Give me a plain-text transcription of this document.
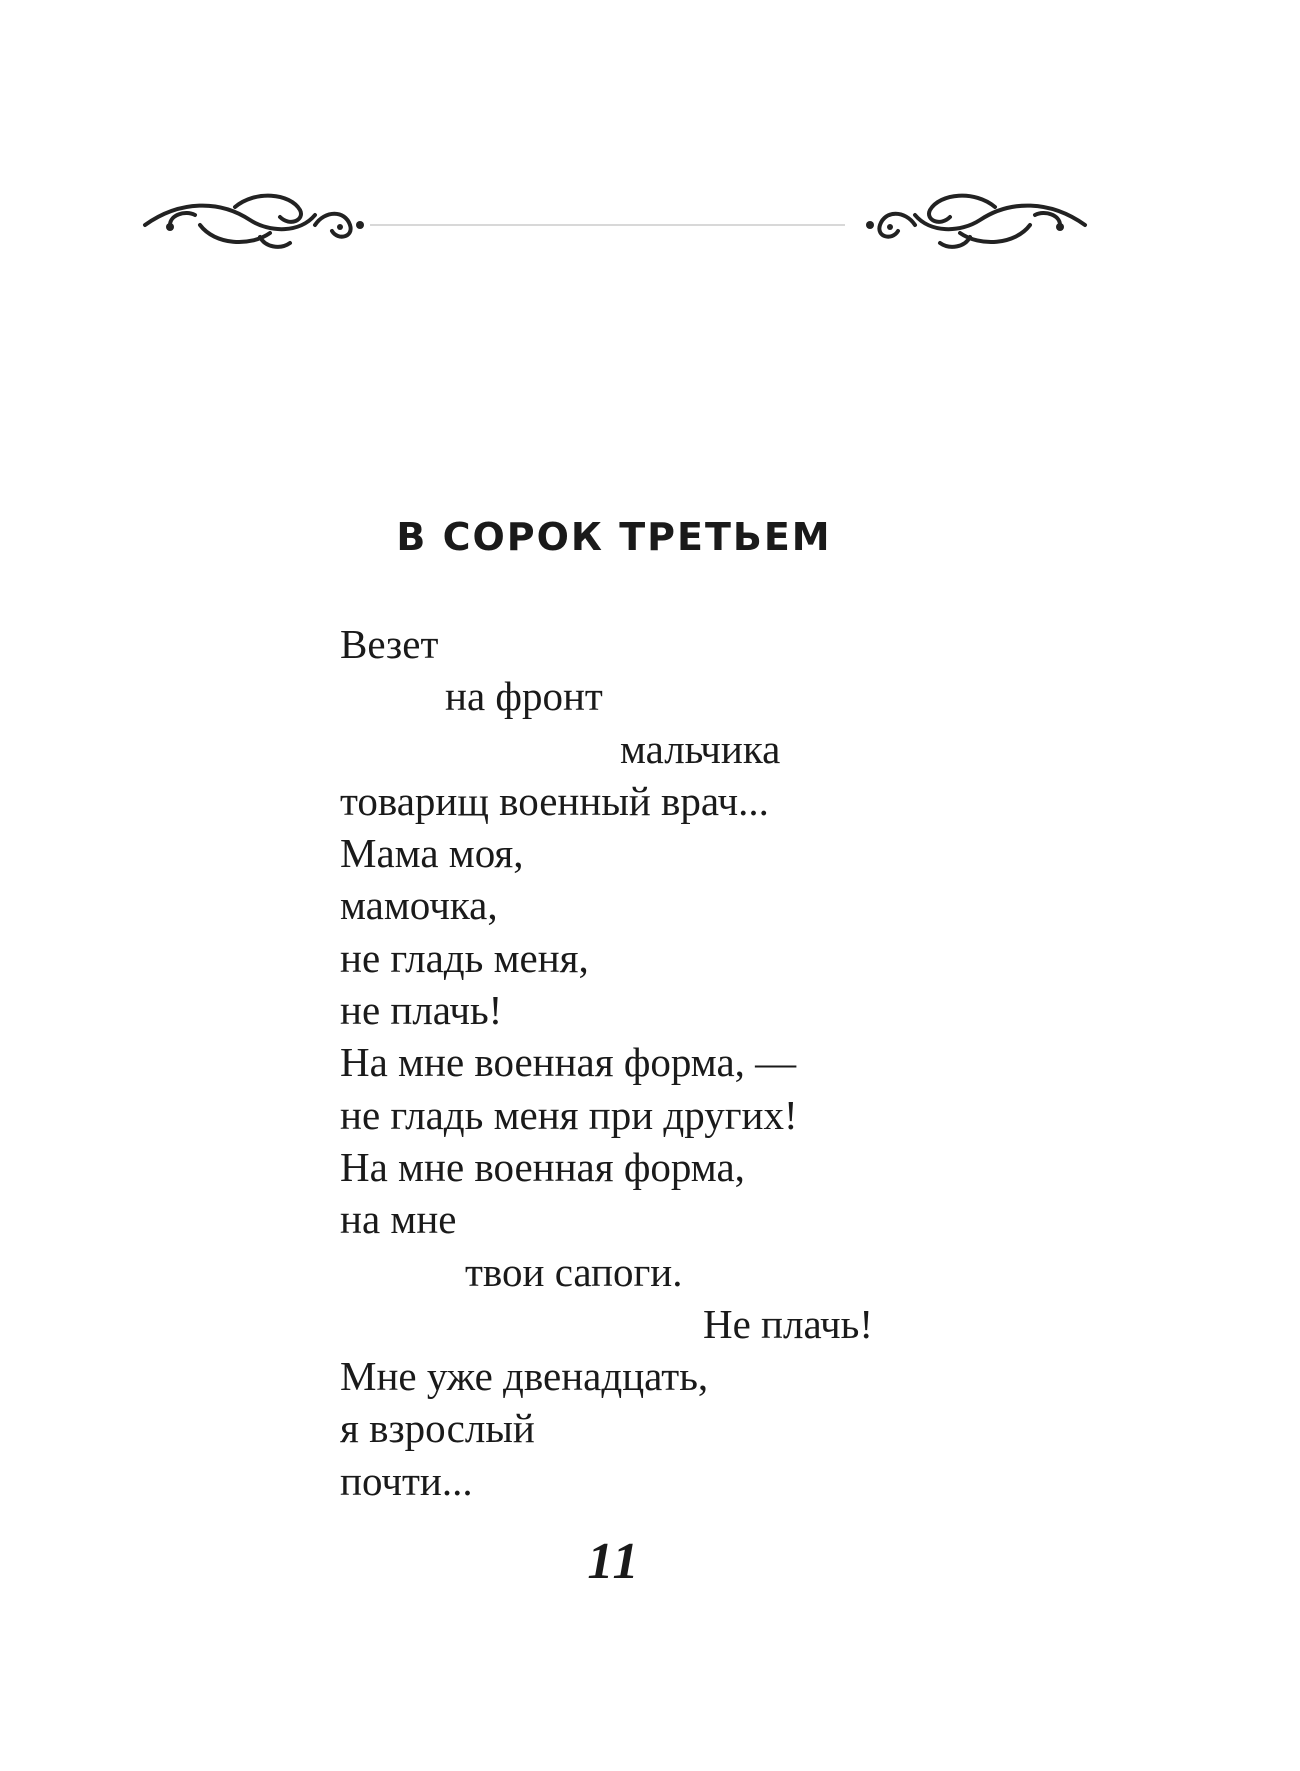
В СОРОК ТРЕТЬЕМ
Везет
на фронт
мальчика
товарищ военный врач...
Мама моя,
мамочка,
не гладь меня,
не плачь!
На мне военная форма, —
не гладь меня при других!
На мне военная форма,
на мне
твои сапоги.
Не плачь!
Мне уже двенадцать,
я взрослый
почти...
11
